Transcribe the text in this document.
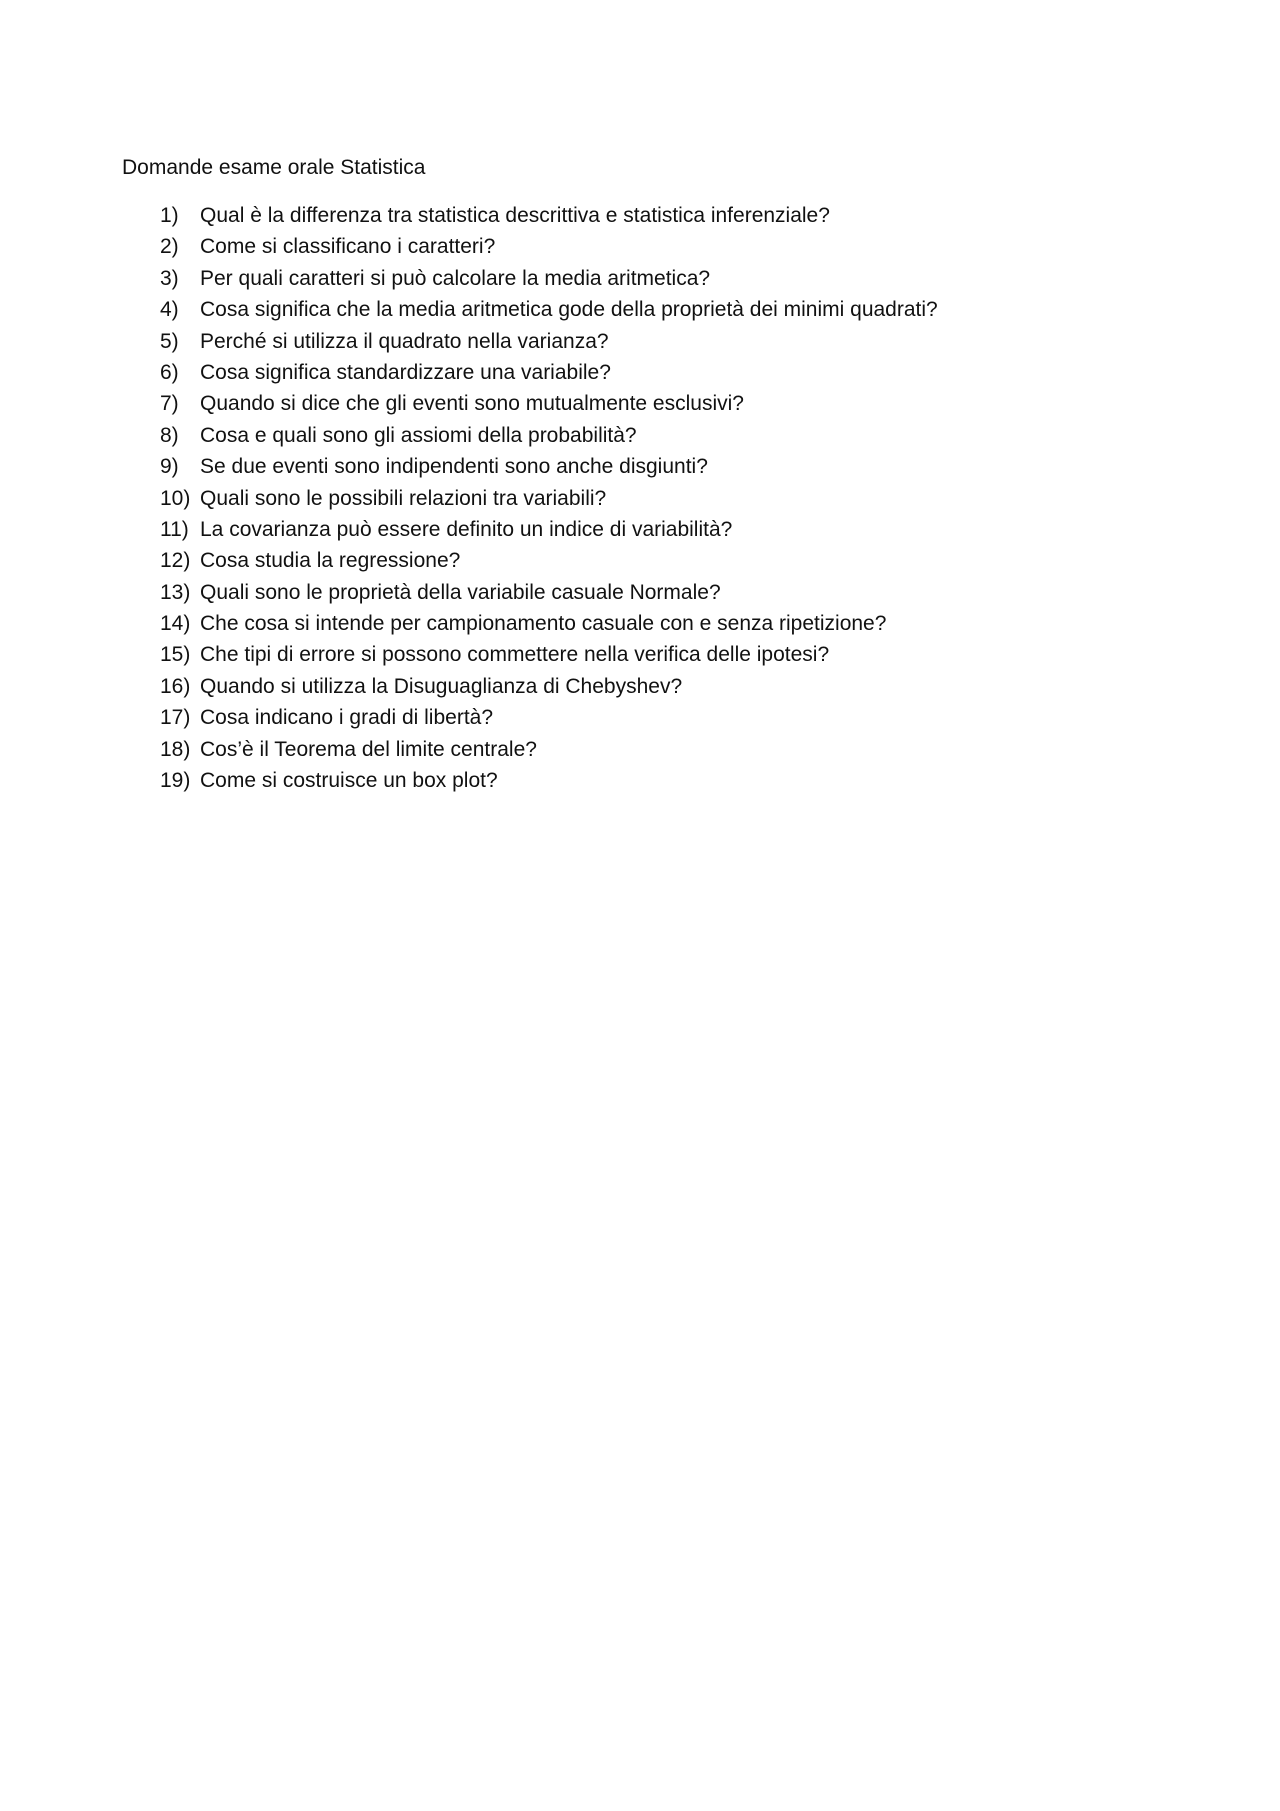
Domande esame orale Statistica
1)	Qual è la differenza tra statistica descrittiva e statistica inferenziale?
2)	Come si classificano i caratteri?
3)	Per quali caratteri si può calcolare la media aritmetica?
4)	Cosa significa che la media aritmetica gode della proprietà dei minimi quadrati?
5)	Perché si utilizza il quadrato nella varianza?
6)	Cosa significa standardizzare una variabile?
7)	Quando si dice che gli eventi sono mutualmente esclusivi?
8)	Cosa e quali sono gli assiomi della probabilità?
9)	Se due eventi sono indipendenti sono anche disgiunti?
10) Quali sono le possibili relazioni tra variabili?
11) La covarianza può essere definito un indice di variabilità?
12) Cosa studia la regressione?
13) Quali sono le proprietà della variabile casuale Normale?
14) Che cosa si intende per campionamento casuale con e senza ripetizione?
15) Che tipi di errore si possono commettere nella verifica delle ipotesi?
16) Quando si utilizza la Disuguaglianza di Chebyshev?
17) Cosa indicano i gradi di libertà?
18) Cos’è il Teorema del limite centrale?
19) Come si costruisce un box plot?
